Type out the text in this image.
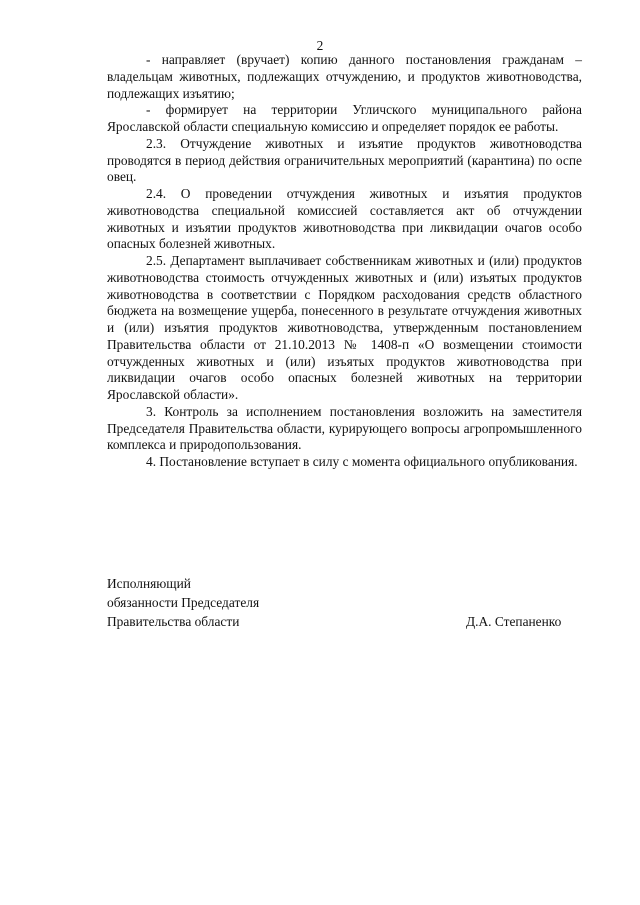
2

- направляет (вручает) копию данного постановления гражданам – владельцам животных, подлежащих отчуждению, и продуктов животноводства, подлежащих изъятию;

- формирует на территории Угличского муниципального района Ярославской области специальную комиссию и определяет порядок ее работы.

2.3. Отчуждение животных и изъятие продуктов животноводства проводятся в период действия ограничительных мероприятий (карантина) по оспе овец.

2.4. О проведении отчуждения животных и изъятия продуктов животноводства специальной комиссией составляется акт об отчуждении животных и изъятии продуктов животноводства при ликвидации очагов особо опасных болезней животных.

2.5. Департамент выплачивает собственникам животных и (или) продуктов животноводства стоимость отчужденных животных и (или) изъятых продуктов животноводства в соответствии с Порядком расходования средств областного бюджета на возмещение ущерба, понесенного в результате отчуждения животных и (или) изъятия продуктов животноводства, утвержденным постановлением Правительства области от 21.10.2013 № 1408-п «О возмещении стоимости отчужденных животных и (или) изъятых продуктов животноводства при ликвидации очагов особо опасных болезней животных на территории Ярославской области».

3. Контроль за исполнением постановления возложить на заместителя Председателя Правительства области, курирующего вопросы агропромышленного комплекса и природопользования.

4. Постановление вступает в силу с момента официального опубликования.

Исполняющий
обязанности Председателя
Правительства области	Д.А. Степаненко
